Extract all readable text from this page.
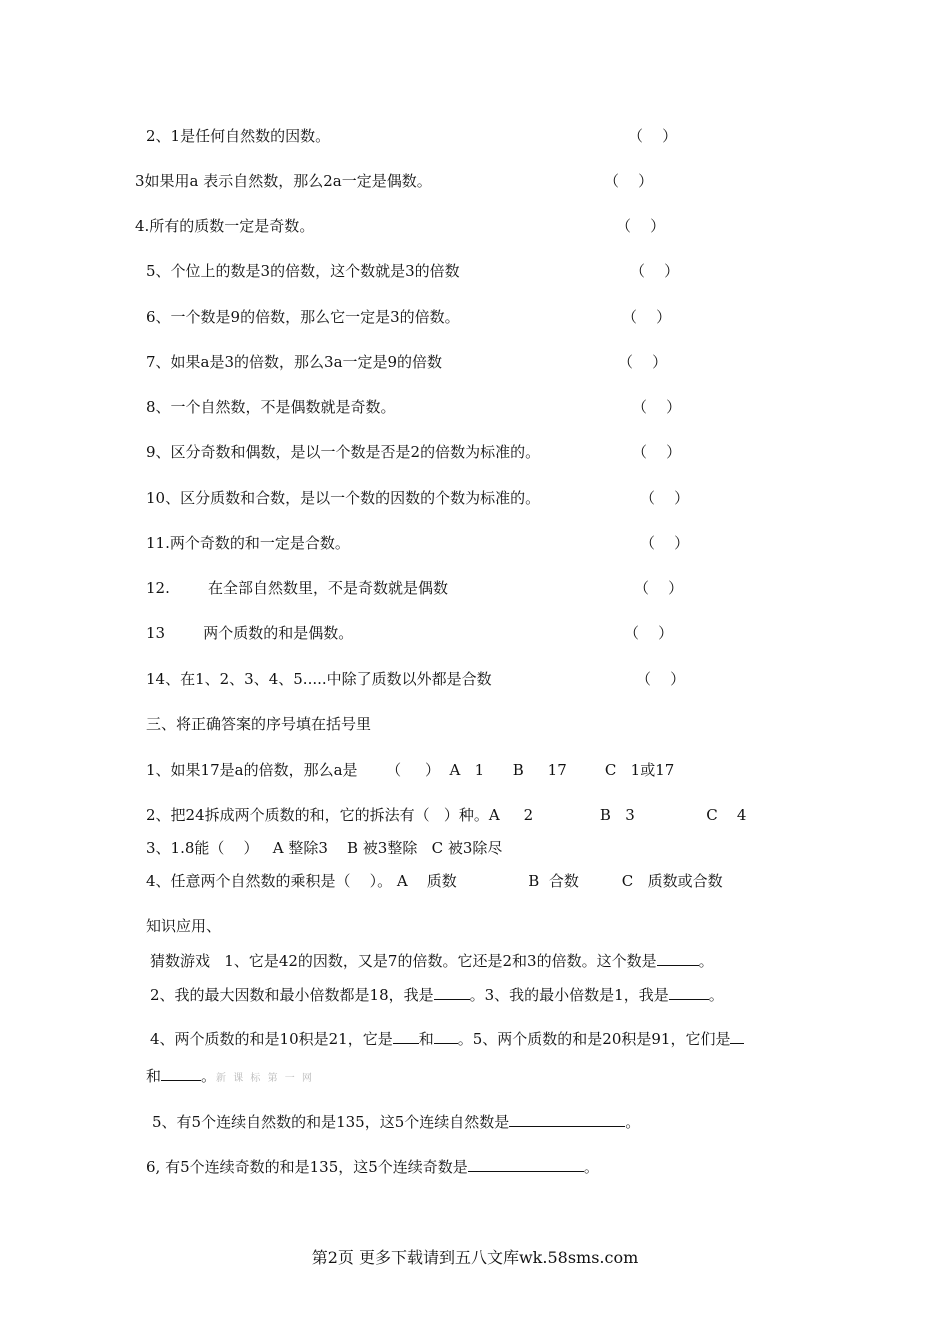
2、1是任何自然数的因数。	（    ）
3如果用a 表示自然数，那么2a一定是偶数。	（    ）
4.所有的质数一定是奇数。	（    ）
5、个位上的数是3的倍数，这个数就是3的倍数	（    ）
6、一个数是9的倍数，那么它一定是3的倍数。	（    ）
7、如果a是3的倍数，那么3a一定是9的倍数	（    ）
8、一个自然数，不是偶数就是奇数。	（    ）
9、区分奇数和偶数，是以一个数是否是2的倍数为标准的。	（    ）
10、区分质数和合数，是以一个数的因数的个数为标准的。	（    ）
11.两个奇数的和一定是合数。	（    ）
12.        在全部自然数里，不是奇数就是偶数	（    ）
13        两个质数的和是偶数。	（    ）
14、在1、2、3、4、5.....中除了质数以外都是合数	（    ）
三、将正确答案的序号填在括号里
1、如果17是a的倍数，那么a是      （     ）  A   1      B     17        C   1或17
2、把24拆成两个质数的和，它的拆法有（   ）种。A     2              B   3               C    4
3、1.8能（    ）   A 整除3    B 被3整除   C 被3除尽
4、任意两个自然数的乘积是（    ）。 A    质数               B  合数         C   质数或合数
知识应用、
猜数游戏   1、它是42的因数，又是7的倍数。它还是2和3的倍数。这个数是	。
2、我的最大因数和最小倍数都是18，我是 。3、我的最小倍数是1，我是	。
4、两个质数的和是10积是21，它是 和 。5、两个质数的和是20积是91，它们是
和	。新 课 标 第 一 网
5、有5个连续自然数的和是135，这5个连续自然数是	。
6, 有5个连续奇数的和是135，这5个连续奇数是	。
第2页 更多下载请到五八文库wk.58sms.com
